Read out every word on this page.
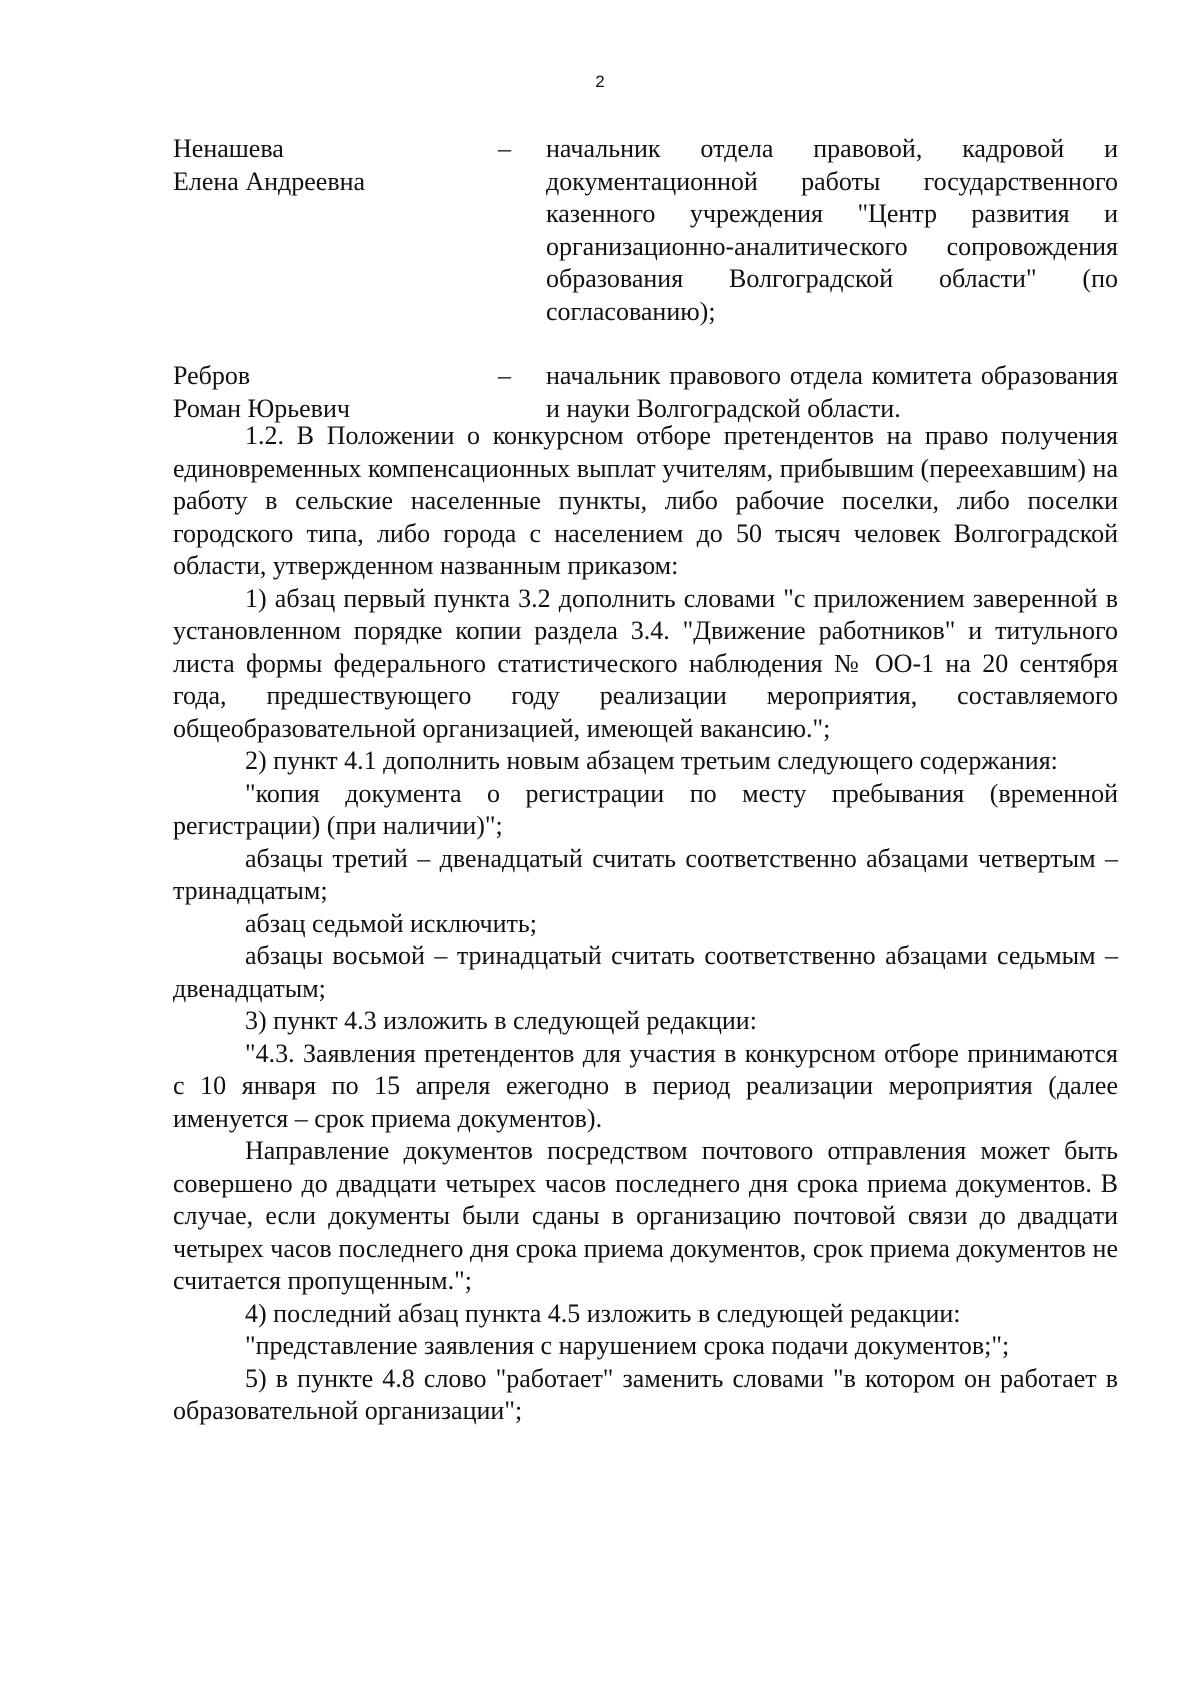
2
Ненашева
Елена Андреевна
– начальник отдела правовой, кадровой и документационной работы государственного казенного учреждения "Центр развития и организационно-аналитического сопровождения образования Волгоградской области" (по согласованию);
Ребров
Роман Юрьевич
– начальник правового отдела комитета образования и науки Волгоградской области.

1.2. В Положении о конкурсном отборе претендентов на право получения единовременных компенсационных выплат учителям, прибывшим (переехавшим) на работу в сельские населенные пункты, либо рабочие поселки, либо поселки городского типа, либо города с населением до 50 тысяч человек Волгоградской области, утвержденном названным приказом:

1) абзац первый пункта 3.2 дополнить словами "с приложением заверенной в установленном порядке копии раздела 3.4. "Движение работников" и титульного листа формы федерального статистического наблюдения № ОО-1 на 20 сентября года, предшествующего году реализации мероприятия, составляемого общеобразовательной организацией, имеющей вакансию.";

2) пункт 4.1 дополнить новым абзацем третьим следующего содержания:

"копия документа о регистрации по месту пребывания (временной регистрации) (при наличии)";

абзацы третий – двенадцатый считать соответственно абзацами четвертым – тринадцатым;

абзац седьмой исключить;

абзацы восьмой – тринадцатый считать соответственно абзацами седьмым – двенадцатым;

3) пункт 4.3 изложить в следующей редакции:

"4.3. Заявления претендентов для участия в конкурсном отборе принимаются с 10 января по 15 апреля ежегодно в период реализации мероприятия (далее именуется – срок приема документов).

Направление документов посредством почтового отправления может быть совершено до двадцати четырех часов последнего дня срока приема документов. В случае, если документы были сданы в организацию почтовой связи до двадцати четырех часов последнего дня срока приема документов, срок приема документов не считается пропущенным.";

4) последний абзац пункта 4.5 изложить в следующей редакции:

"представление заявления с нарушением срока подачи документов;";

5) в пункте 4.8 слово "работает" заменить словами "в котором он работает в образовательной организации";
